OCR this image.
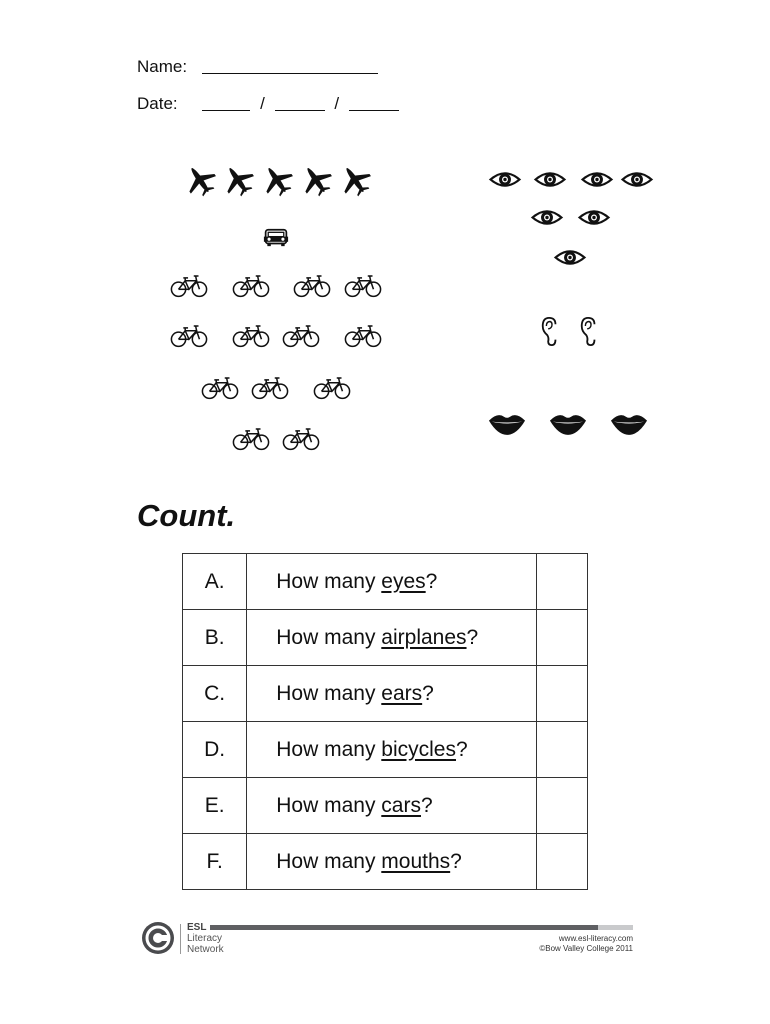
Name:
Date:	/	/
Count.
A.	How many eyes?	
B.	How many airplanes?	
C.	How many ears?	
D.	How many bicycles?	
E.	How many cars?	
F.	How many mouths?	
ESL
Literacy
Network
www.esl-literacy.com
©Bow Valley College 2011
